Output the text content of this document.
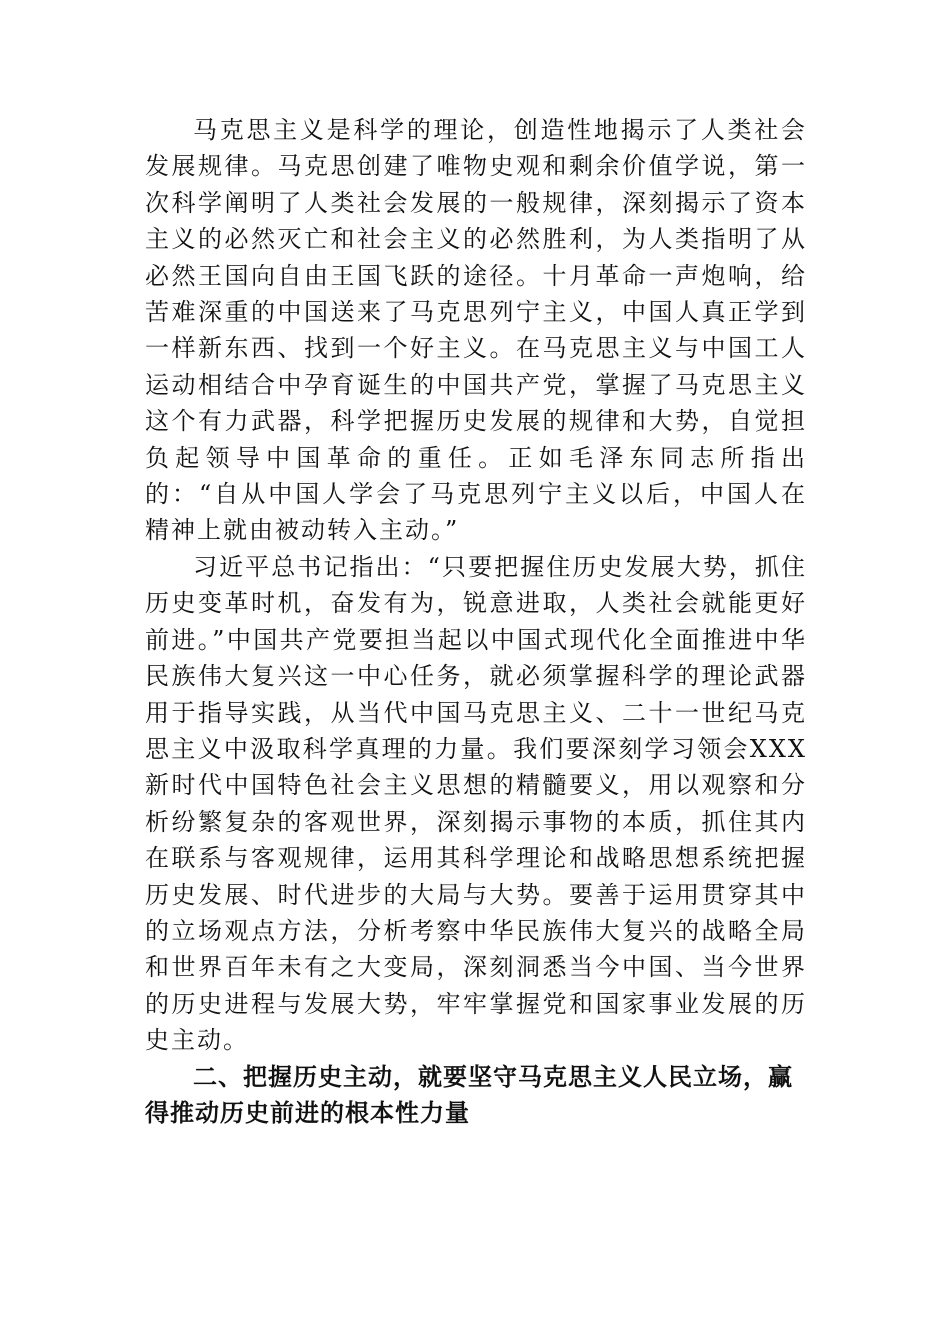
马克思主义是科学的理论，创造性地揭示了人类社会发展规律。马克思创建了唯物史观和剩余价值学说，第一次科学阐明了人类社会发展的一般规律，深刻揭示了资本主义的必然灭亡和社会主义的必然胜利，为人类指明了从必然王国向自由王国飞跃的途径。十月革命一声炮响，给苦难深重的中国送来了马克思列宁主义，中国人真正学到一样新东西、找到一个好主义。在马克思主义与中国工人运动相结合中孕育诞生的中国共产党，掌握了马克思主义这个有力武器，科学把握历史发展的规律和大势，自觉担负起领导中国革命的重任。正如毛泽东同志所指出的：“自从中国人学会了马克思列宁主义以后，中国人在精神上就由被动转入主动。”

习近平总书记指出：“只要把握住历史发展大势，抓住历史变革时机，奋发有为，锐意进取，人类社会就能更好前进。”中国共产党要担当起以中国式现代化全面推进中华民族伟大复兴这一中心任务，就必须掌握科学的理论武器用于指导实践，从当代中国马克思主义、二十一世纪马克思主义中汲取科学真理的力量。我们要深刻学习领会XXX新时代中国特色社会主义思想的精髓要义，用以观察和分析纷繁复杂的客观世界，深刻揭示事物的本质，抓住其内在联系与客观规律，运用其科学理论和战略思想系统把握历史发展、时代进步的大局与大势。要善于运用贯穿其中的立场观点方法，分析考察中华民族伟大复兴的战略全局和世界百年未有之大变局，深刻洞悉当今中国、当今世界的历史进程与发展大势，牢牢掌握党和国家事业发展的历史主动。

二、把握历史主动，就要坚守马克思主义人民立场，赢得推动历史前进的根本性力量
